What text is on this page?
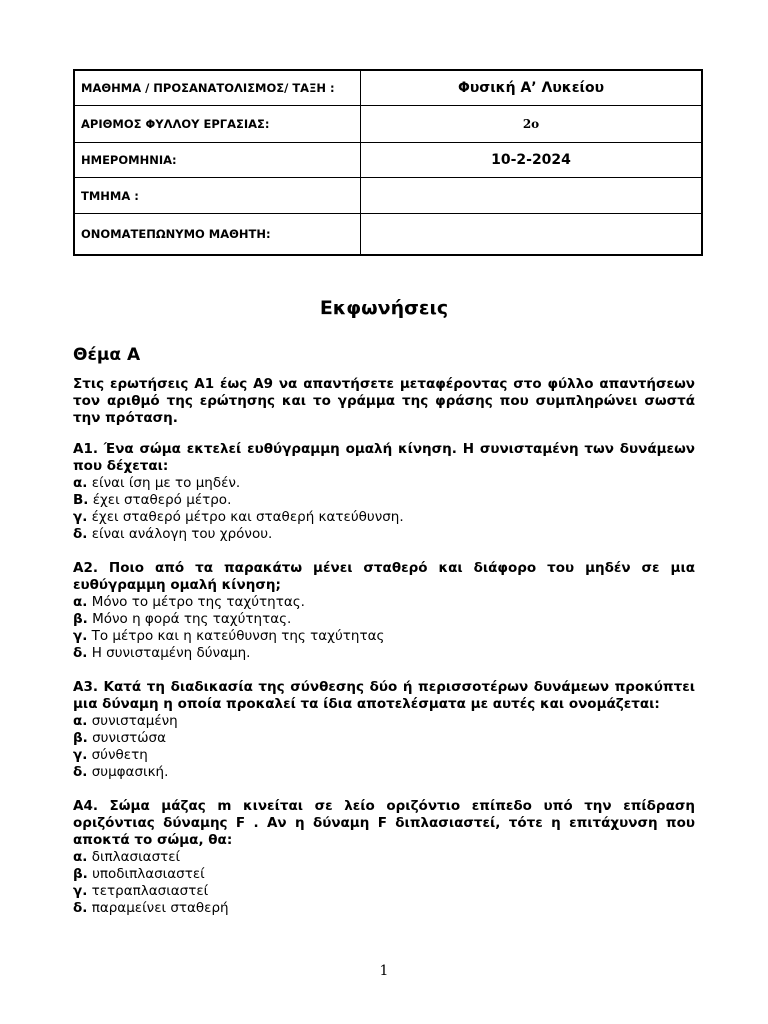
ΜΑΘΗΜΑ / ΠΡΟΣΑΝΑΤΟΛΙΣΜΟΣ/ ΤΑΞΗ :	Φυσική Α’ Λυκείου
ΑΡΙΘΜΟΣ ΦΥΛΛΟΥ ΕΡΓΑΣΙΑΣ:	2ο
ΗΜΕΡΟΜΗΝΙΑ:	10-2-2024
ΤΜΗΜΑ :	
ΟΝΟΜΑΤΕΠΩΝΥΜΟ ΜΑΘΗΤΗ:	
Εκφωνήσεις
Θέμα Α

Στις ερωτήσεις Α1 έως Α9 να απαντήσετε μεταφέροντας στο φύλλο απαντήσεων τον αριθμό της ερώτησης και το γράμμα της φράσης που συμπληρώνει σωστά την πρόταση.

Α1. Ένα σώμα εκτελεί ευθύγραμμη ομαλή κίνηση. Η συνισταμένη των δυνάμεων που δέχεται:

α. είναι ίση με το μηδέν.

Β. έχει σταθερό μέτρο.

γ. έχει σταθερό μέτρο και σταθερή κατεύθυνση.

δ. είναι ανάλογη του χρόνου.

Α2. Ποιο από τα παρακάτω μένει σταθερό και διάφορο του μηδέν σε μια ευθύγραμμη ομαλή κίνηση;

α. Μόνο το μέτρο της ταχύτητας.

β. Μόνο η φορά της ταχύτητας.

γ. Το μέτρο και η κατεύθυνση της ταχύτητας

δ. Η συνισταμένη δύναμη.

Α3. Κατά τη διαδικασία της σύνθεσης δύο ή περισσοτέρων δυνάμεων προκύπτει μια δύναμη η οποία προκαλεί τα ίδια αποτελέσματα με αυτές και ονομάζεται:

α. συνισταμένη

β. συνιστώσα

γ. σύνθετη

δ. συμφασική.

Α4. Σώμα μάζας m κινείται σε λείο οριζόντιο επίπεδο υπό την επίδραση οριζόντιας δύναμης F . Αν η δύναμη F διπλασιαστεί, τότε η επιτάχυνση που αποκτά το σώμα, θα:

α. διπλασιαστεί

β. υποδιπλασιαστεί

γ. τετραπλασιαστεί

δ. παραμείνει σταθερή

1
